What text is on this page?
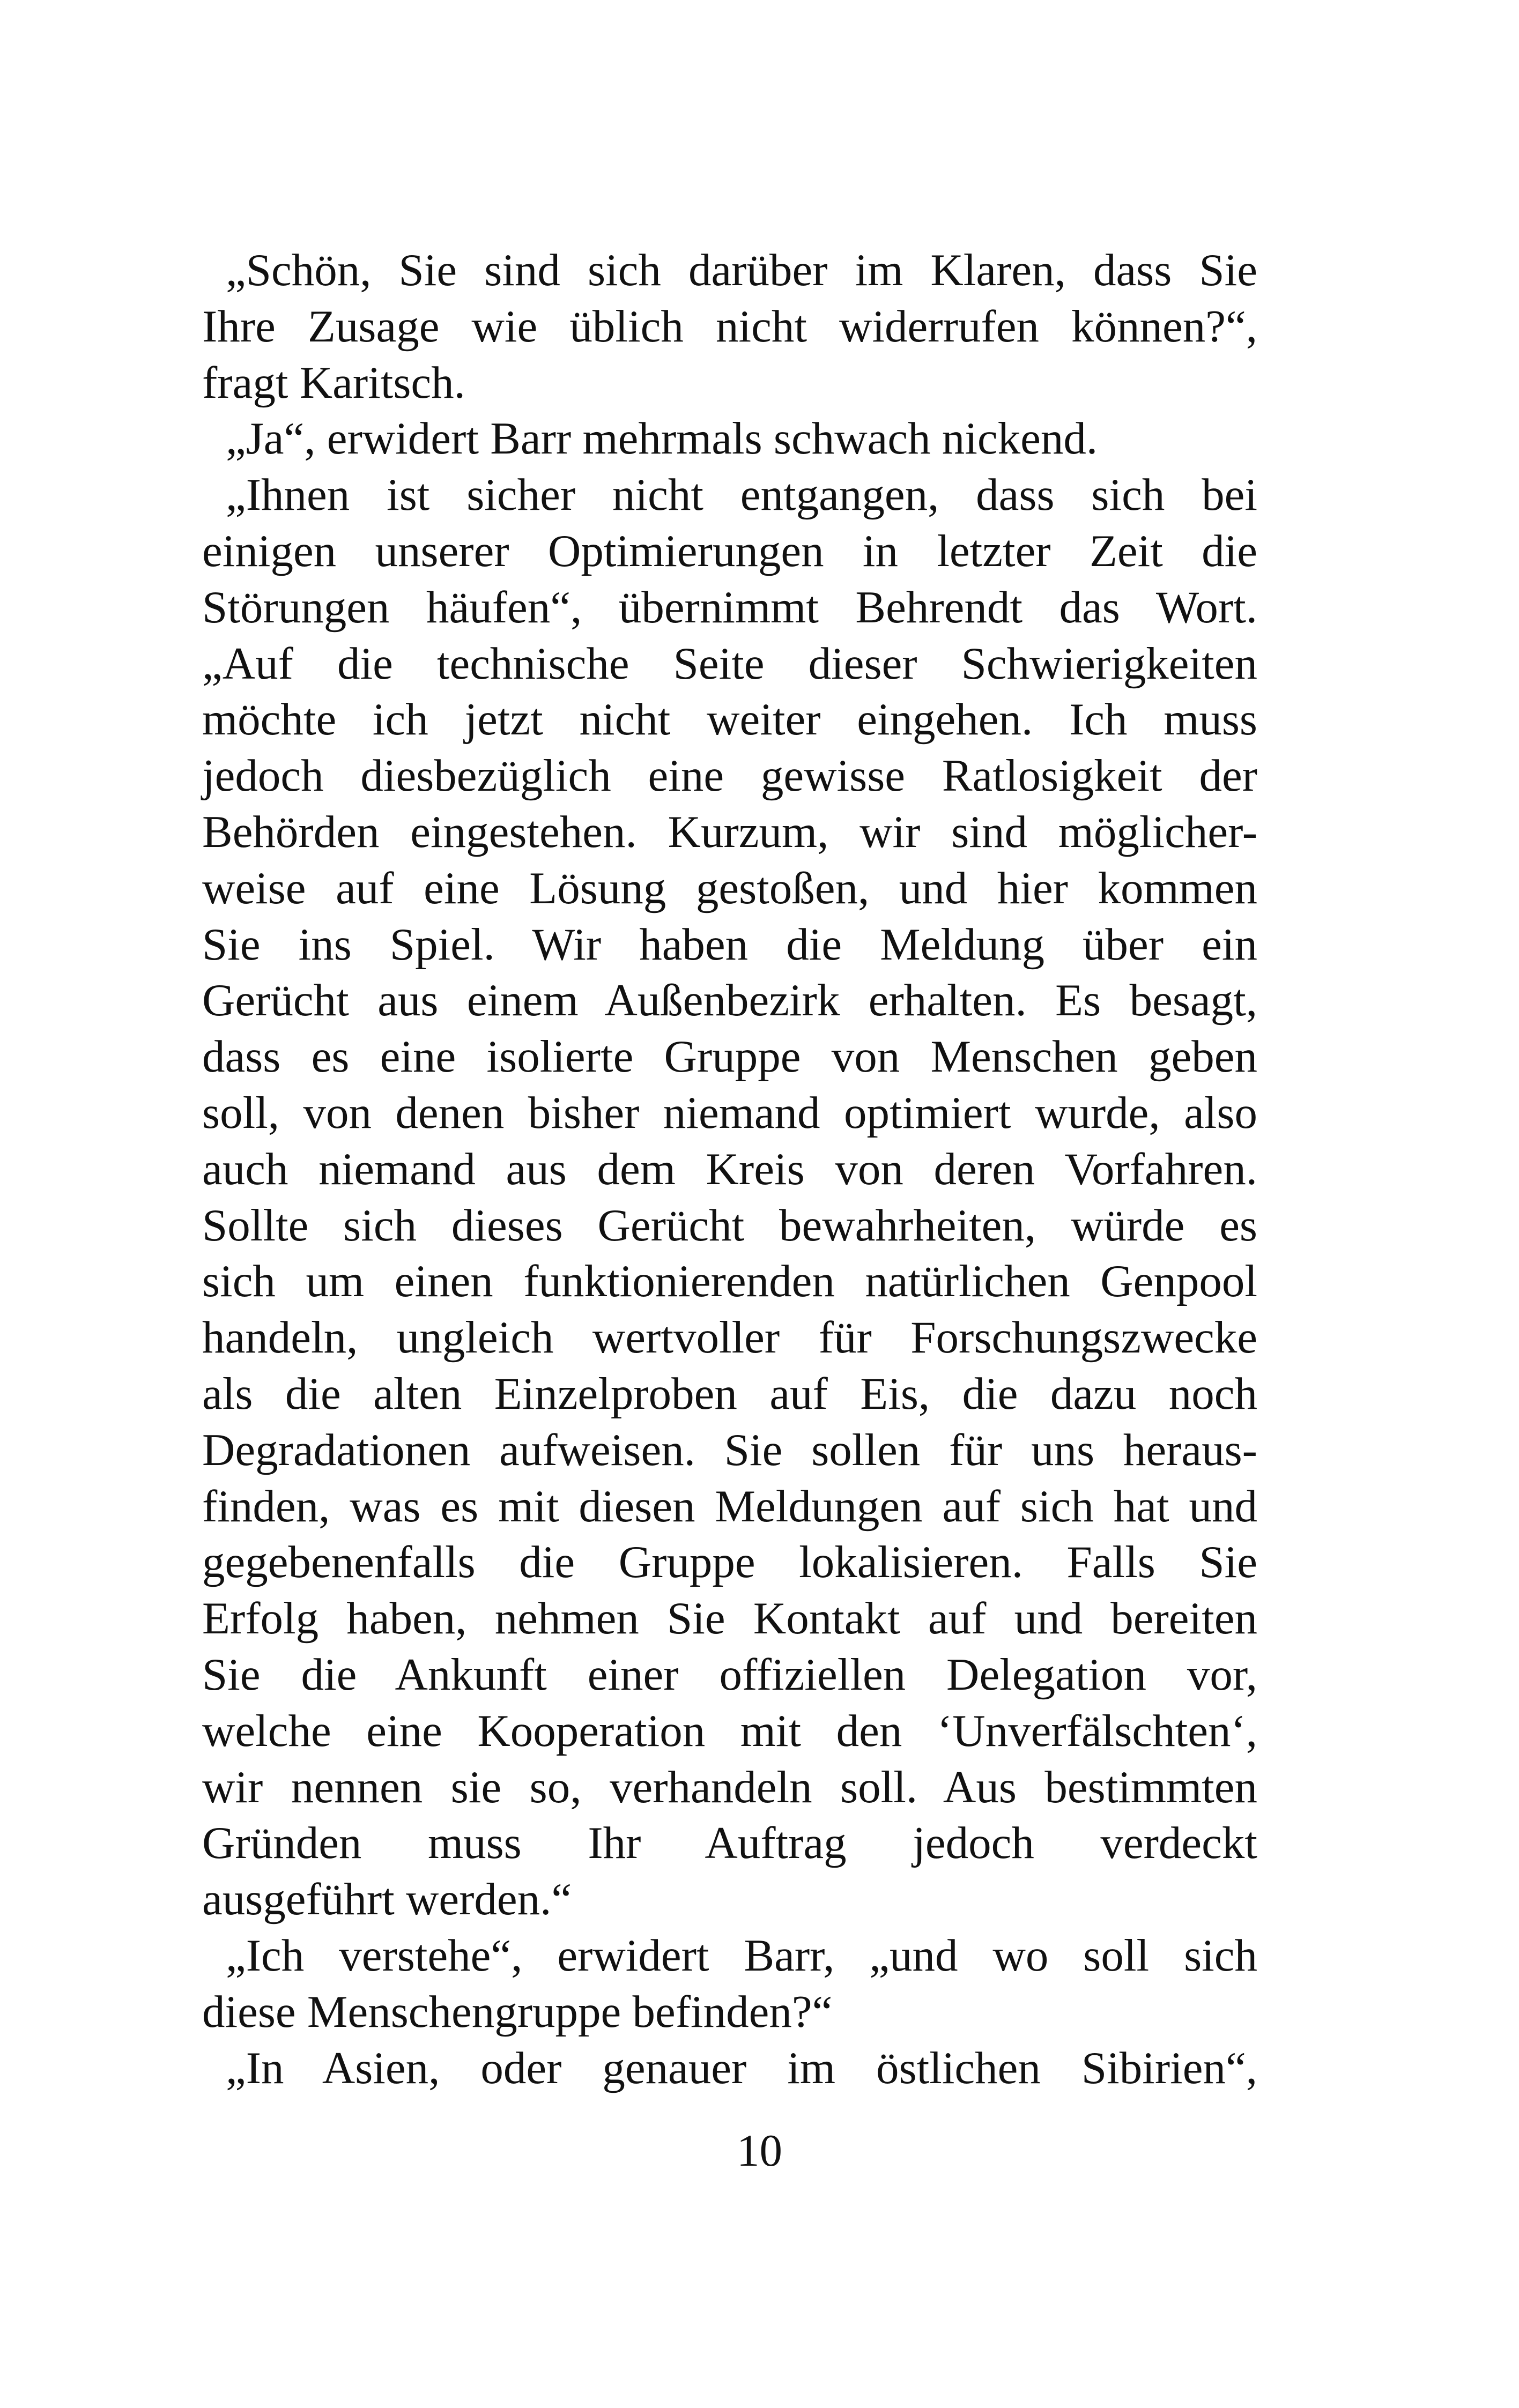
„Schön, Sie sind sich darüber im Klaren, dass Sie
Ihre Zusage wie üblich nicht widerrufen können?“,
fragt Karitsch.
„Ja“, erwidert Barr mehrmals schwach nickend.
„Ihnen ist sicher nicht entgangen, dass sich bei
einigen unserer Optimierungen in letzter Zeit die
Störungen häufen“, übernimmt Behrendt das Wort.
„Auf die technische Seite dieser Schwierigkeiten
möchte ich jetzt nicht weiter eingehen. Ich muss
jedoch diesbezüglich eine gewisse Ratlosigkeit der
Behörden eingestehen. Kurzum, wir sind möglicher-
weise auf eine Lösung gestoßen, und hier kommen
Sie ins Spiel. Wir haben die Meldung über ein
Gerücht aus einem Außenbezirk erhalten. Es besagt,
dass es eine isolierte Gruppe von Menschen geben
soll, von denen bisher niemand optimiert wurde, also
auch niemand aus dem Kreis von deren Vorfahren.
Sollte sich dieses Gerücht bewahrheiten, würde es
sich um einen funktionierenden natürlichen Genpool
handeln, ungleich wertvoller für Forschungszwecke
als die alten Einzelproben auf Eis, die dazu noch
Degradationen aufweisen. Sie sollen für uns heraus-
finden, was es mit diesen Meldungen auf sich hat und
gegebenenfalls die Gruppe lokalisieren. Falls Sie
Erfolg haben, nehmen Sie Kontakt auf und bereiten
Sie die Ankunft einer offiziellen Delegation vor,
welche eine Kooperation mit den ‘Unverfälschten‘,
wir nennen sie so, verhandeln soll. Aus bestimmten
Gründen muss Ihr Auftrag jedoch verdeckt
ausgeführt werden.“
„Ich verstehe“, erwidert Barr, „und wo soll sich
diese Menschengruppe befinden?“
„In Asien, oder genauer im östlichen Sibirien“,
10
